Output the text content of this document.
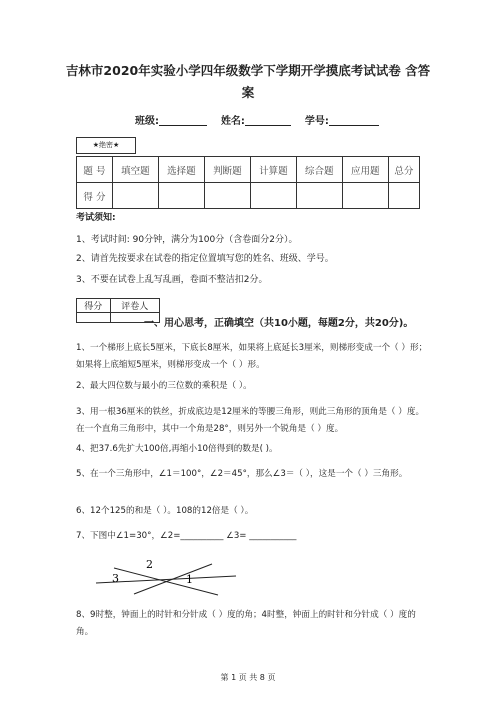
吉林市2020年实验小学四年级数学下学期开学摸底考试试卷 含答
案
班级:	姓名:	学号:
★绝密★
题 号	填空题	选择题	判断题	计算题	综合题	应用题	总分
得 分							
考试须知:
1、考试时间: 90分钟，满分为100分（含卷面分2分）。
2、请首先按要求在试卷的指定位置填写您的姓名、班级、学号。
3、不要在试卷上乱写乱画，卷面不整洁扣2分。
得分	评卷人

一、用心思考，正确填空（共10小题，每题2分，共20分)。
1、一个梯形上底长5厘米，下底长8厘米，如果将上底延长3厘米，则梯形变成一个（ ）形；如果将上底缩短5厘米，则梯形变成一个（ ）形。
2、最大四位数与最小的三位数的乘积是（ ）。
3、用一根36厘米的铁丝，折成底边是12厘米的等腰三角形，则此三角形的顶角是（ ）度。在一个直角三角形中，其中一个角是28°，则另外一个锐角是（ ）度。
4、把37.6先扩大100倍,再缩小10倍得到的数是( )。
5、在一个三角形中，∠1＝100°，∠2＝45°，那么∠3＝（ ），这是一个（ ）三角形。
6、12个125的和是（ ）。108的12倍是（ ）。
7、下图中∠1=30°，∠2=__________ ∠3= ___________
2
3	1
8、9时整，钟面上的时针和分针成（ ）度的角；4时整，钟面上的时针和分针成（ ）度的角。
第 1 页 共 8 页
